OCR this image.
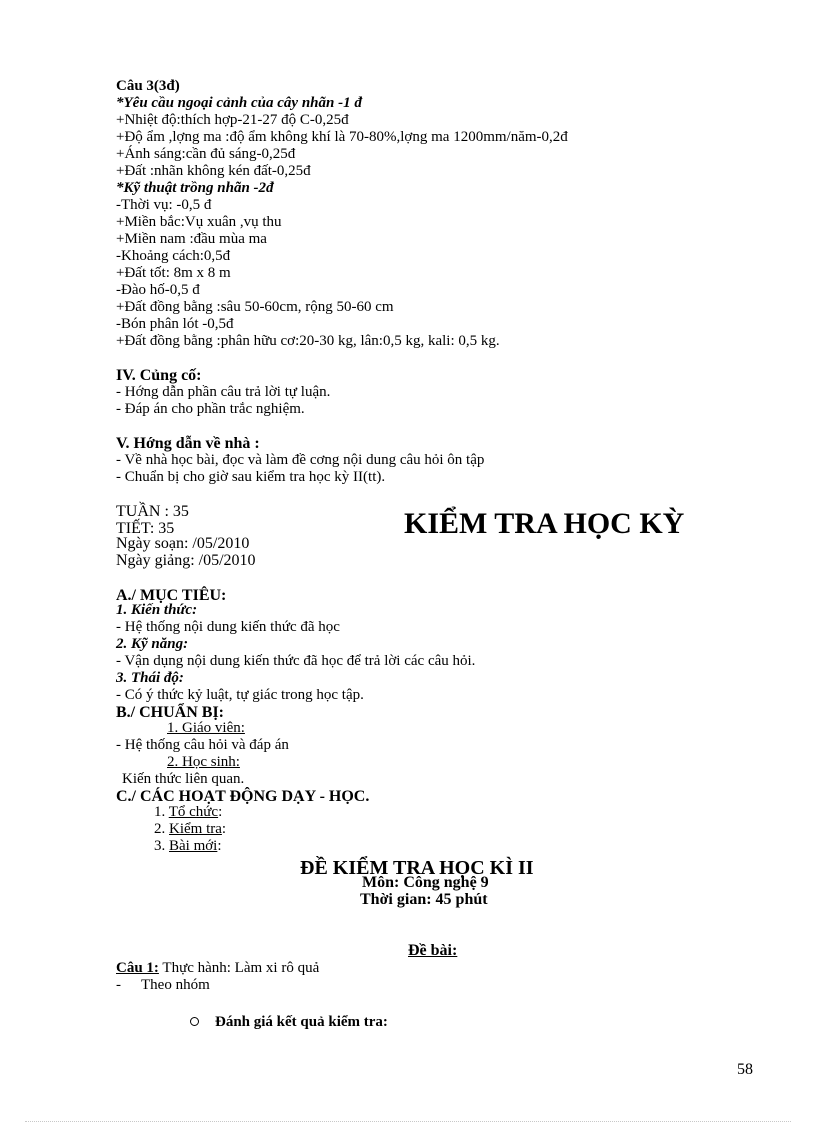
Câu 3(3đ)
*Yêu cầu ngoại cảnh của cây nhãn -1 đ
+Nhiệt độ:thích hợp-21-27 độ C-0,25đ
+Độ ẩm ,lợng ma :độ ẩm không khí là 70-80%,lợng ma 1200mm/năm-0,2đ
+Ánh sáng:cần đủ sáng-0,25đ
+Đất :nhãn không kén đất-0,25đ
*Kỹ thuật trồng nhãn -2đ
-Thời vụ: -0,5 đ
+Miền bắc:Vụ xuân ,vụ thu
+Miền nam :đầu mùa ma
-Khoảng cách:0,5đ
+Đất tốt: 8m x 8 m
-Đào hố-0,5 đ
+Đất đồng bằng :sâu 50-60cm, rộng 50-60 cm
-Bón phân lót -0,5đ
+Đất đồng bằng :phân hữu cơ:20-30 kg, lân:0,5 kg, kali: 0,5 kg.
IV. Củng cố:
- Hớng dẫn phần câu trả lời tự luận.
- Đáp án cho phần trắc nghiệm.
V. Hớng dẫn về nhà :
- Về nhà học bài, đọc và làm đề cơng nội dung câu hỏi ôn tập
- Chuẩn bị cho giờ sau kiểm tra học kỳ II(tt).
TUẦN : 35
TIẾT: 35
Ngày soạn: /05/2010
Ngày giảng: /05/2010
KIỂM TRA HỌC KỲ
A./ MỤC TIÊU:
1. Kiến thức:
- Hệ thống nội dung kiến thức đã học
2. Kỹ năng:
- Vận dụng nội dung kiến thức đã học để trả lời các câu hỏi.
3. Thái độ:
- Có ý thức kỷ luật, tự giác trong học tập.
B./ CHUẨN BỊ:
1. Giáo viên:
- Hệ thống câu hỏi và đáp án
2. Học sinh:
Kiến thức liên quan.
C./ CÁC HOẠT ĐỘNG DẠY - HỌC.
1. Tổ chức:
2. Kiểm tra:
3. Bài mới:
ĐỀ KIỂM TRA HỌC KÌ II
Môn: Công nghệ 9
Thời gian: 45 phút
Đề bài:
Câu 1: Thực hành: Làm xi rô quả
- Theo nhóm
Đánh giá kết quả kiểm tra:
58
